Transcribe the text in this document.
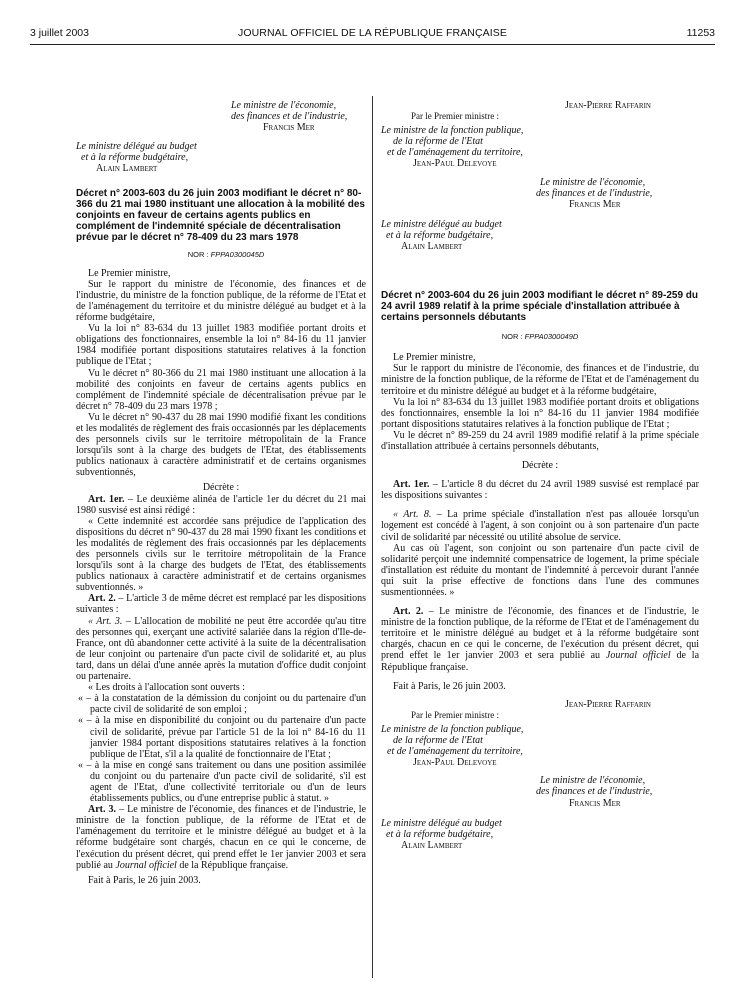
3 juillet 2003	JOURNAL OFFICIEL DE LA RÉPUBLIQUE FRANÇAISE	11253
Le ministre de l'économie,
des finances et de l'industrie,
Francis Mer
Le ministre délégué au budget
et à la réforme budgétaire,
Alain Lambert

Décret n° 2003-603 du 26 juin 2003 modifiant le décret n° 80-366 du 21 mai 1980 instituant une allocation à la mobilité des conjoints en faveur de certains agents publics en complément de l'indemnité spéciale de décentralisation prévue par le décret n° 78-409 du 23 mars 1978

NOR : FPPA0300045D

Le Premier ministre,

Sur le rapport du ministre de l'économie, des finances et de l'industrie, du ministre de la fonction publique, de la réforme de l'Etat et de l'aménagement du territoire et du ministre délégué au budget et à la réforme budgétaire,

Vu la loi n° 83-634 du 13 juillet 1983 modifiée portant droits et obligations des fonctionnaires, ensemble la loi n° 84-16 du 11 janvier 1984 modifiée portant dispositions statutaires relatives à la fonction publique de l'Etat ;

Vu le décret n° 80-366 du 21 mai 1980 instituant une allocation à la mobilité des conjoints en faveur de certains agents publics en complément de l'indemnité spéciale de décentralisation prévue par le décret n° 78-409 du 23 mars 1978 ;

Vu le décret n° 90-437 du 28 mai 1990 modifié fixant les conditions et les modalités de règlement des frais occasionnés par les déplacements des personnels civils sur le territoire métropolitain de la France lorsqu'ils sont à la charge des budgets de l'Etat, des établissements publics nationaux à caractère administratif et de certains organismes subventionnés,

Décrète :

Art. 1er. – Le deuxième alinéa de l'article 1er du décret du 21 mai 1980 susvisé est ainsi rédigé :

« Cette indemnité est accordée sans préjudice de l'application des dispositions du décret n° 90-437 du 28 mai 1990 fixant les conditions et les modalités de règlement des frais occasionnés par les déplacements des personnels civils sur le territoire métropolitain de la France lorsqu'ils sont à la charge des budgets de l'Etat, des établissements publics nationaux à caractère administratif et de certains organismes subventionnés. »

Art. 2. – L'article 3 de même décret est remplacé par les dispositions suivantes :

« Art. 3. – L'allocation de mobilité ne peut être accordée qu'au titre des personnes qui, exerçant une activité salariée dans la région d'Ile-de-France, ont dû abandonner cette activité à la suite de la décentralisation de leur conjoint ou partenaire d'un pacte civil de solidarité et, au plus tard, dans un délai d'une année après la mutation d'office dudit conjoint ou partenaire.

« Les droits à l'allocation sont ouverts :

« – à la constatation de la démission du conjoint ou du partenaire d'un pacte civil de solidarité de son emploi ;
« – à la mise en disponibilité du conjoint ou du partenaire d'un pacte civil de solidarité, prévue par l'article 51 de la loi n° 84-16 du 11 janvier 1984 portant dispositions statutaires relatives à la fonction publique de l'Etat, s'il a la qualité de fonctionnaire de l'Etat ;
« – à la mise en congé sans traitement ou dans une position assimilée du conjoint ou du partenaire d'un pacte civil de solidarité, s'il est agent de l'Etat, d'une collectivité territoriale ou d'un de leurs établissements publics, ou d'une entreprise public à statut. »

Art. 3. – Le ministre de l'économie, des finances et de l'industrie, le ministre de la fonction publique, de la réforme de l'Etat et de l'aménagement du territoire et le ministre délégué au budget et à la réforme budgétaire sont chargés, chacun en ce qui le concerne, de l'exécution du présent décret, qui prend effet le 1er janvier 2003 et sera publié au Journal officiel de la République française.

Fait à Paris, le 26 juin 2003.

Jean-Pierre Raffarin
Par le Premier ministre :
Le ministre de la fonction publique,
de la réforme de l'Etat
et de l'aménagement du territoire,
Jean-Paul Delevoye
Le ministre de l'économie,
des finances et de l'industrie,
Francis Mer
Le ministre délégué au budget
et à la réforme budgétaire,
Alain Lambert

Décret n° 2003-604 du 26 juin 2003 modifiant le décret n° 89-259 du 24 avril 1989 relatif à la prime spéciale d'installation attribuée à certains personnels débutants

NOR : FPPA0300049D

Le Premier ministre,

Sur le rapport du ministre de l'économie, des finances et de l'industrie, du ministre de la fonction publique, de la réforme de l'Etat et de l'aménagement du territoire et du ministre délégué au budget et à la réforme budgétaire,

Vu la loi n° 83-634 du 13 juillet 1983 modifiée portant droits et obligations des fonctionnaires, ensemble la loi n° 84-16 du 11 janvier 1984 modifiée portant dispositions statutaires relatives à la fonction publique de l'Etat ;

Vu le décret n° 89-259 du 24 avril 1989 modifié relatif à la prime spéciale d'installation attribuée à certains personnels débutants,

Décrète :

Art. 1er. – L'article 8 du décret du 24 avril 1989 susvisé est remplacé par les dispositions suivantes :

« Art. 8. – La prime spéciale d'installation n'est pas allouée lorsqu'un logement est concédé à l'agent, à son conjoint ou à son partenaire d'un pacte civil de solidarité par nécessité ou utilité absolue de service.

Au cas où l'agent, son conjoint ou son partenaire d'un pacte civil de solidarité perçoit une indemnité compensatrice de logement, la prime spéciale d'installation est réduite du montant de l'indemnité à percevoir durant l'année qui suit la prise effective de fonctions dans l'une des communes susmentionnées. »

Art. 2. – Le ministre de l'économie, des finances et de l'industrie, le ministre de la fonction publique, de la réforme de l'Etat et de l'aménagement du territoire et le ministre délégué au budget et à la réforme budgétaire sont chargés, chacun en ce qui le concerne, de l'exécution du présent décret, qui prend effet le 1er janvier 2003 et sera publié au Journal officiel de la République française.

Fait à Paris, le 26 juin 2003.

Jean-Pierre Raffarin
Par le Premier ministre :
Le ministre de la fonction publique,
de la réforme de l'Etat
et de l'aménagement du territoire,
Jean-Paul Delevoye
Le ministre de l'économie,
des finances et de l'industrie,
Francis Mer
Le ministre délégué au budget
et à la réforme budgétaire,
Alain Lambert
